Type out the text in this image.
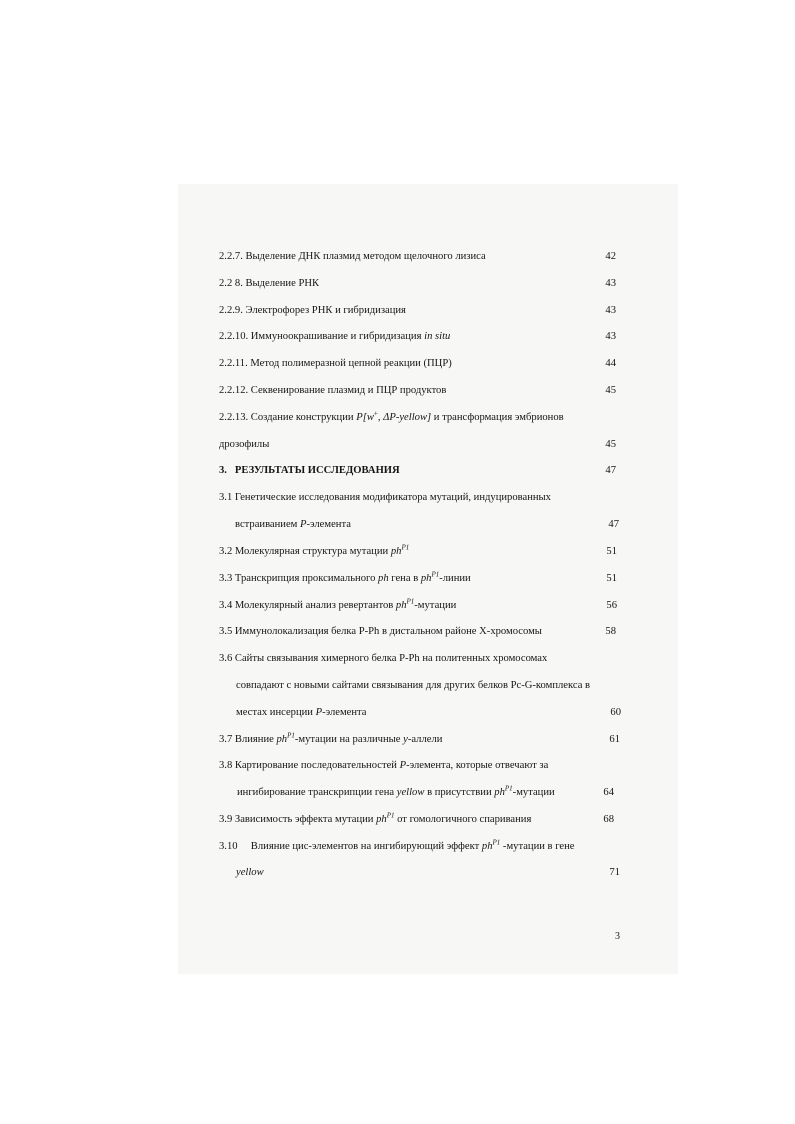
2.2.7. Выделение ДНК плазмид методом щелочного лизиса	42
2.2 8. Выделение РНК	43
2.2.9. Электрофорез РНК и гибридизация	43
2.2.10. Иммуноокрашивание и гибридизация in situ	43
2.2.11. Метод полимеразной цепной реакции (ПЦР)	44
2.2.12. Секвенирование плазмид и ПЦР продуктов	45
2.2.13. Создание конструкции P[w+, ΔP-yellow] и трансформация эмбрионов
дрозофилы	45
3. РЕЗУЛЬТАТЫ ИССЛЕДОВАНИЯ	47
3.1 Генетические исследования модификатора мутаций, индуцированных
встраиванием Р-элемента	47
3.2 Молекулярная структура мутации $ph^{P1}$	51
3.3 Транскрипция проксимального ph гена в $ph^{P1}$-линии	51
3.4 Молекулярный анализ ревертантов $ph^{P1}$-мутации	56
3.5 Иммунолокализация белка P-Ph в дистальном районе Х-хромосомы	58
3.6 Сайты связывания химерного белка P-Ph на политенных хромосомах
совпадают с новыми сайтами связывания для других белков Pc-G-комплекса в
местах инсерции Р-элемента	60
3.7 Влияние $ph^{P1}$-мутации на различные у-аллели	61
3.8 Картирование последовательностей Р-элемента, которые отвечают за
ингибирование транскрипции гена yellow в присутствии $ph^{P1}$-мутации	64
3.9 Зависимость эффекта мутации $ph^{P1}$ от гомологичного спаривания	68
3.10 Влияние цис-элементов на ингибирующий эффект $ph^{P1}$ -мутации в гене
yellow	71
3
